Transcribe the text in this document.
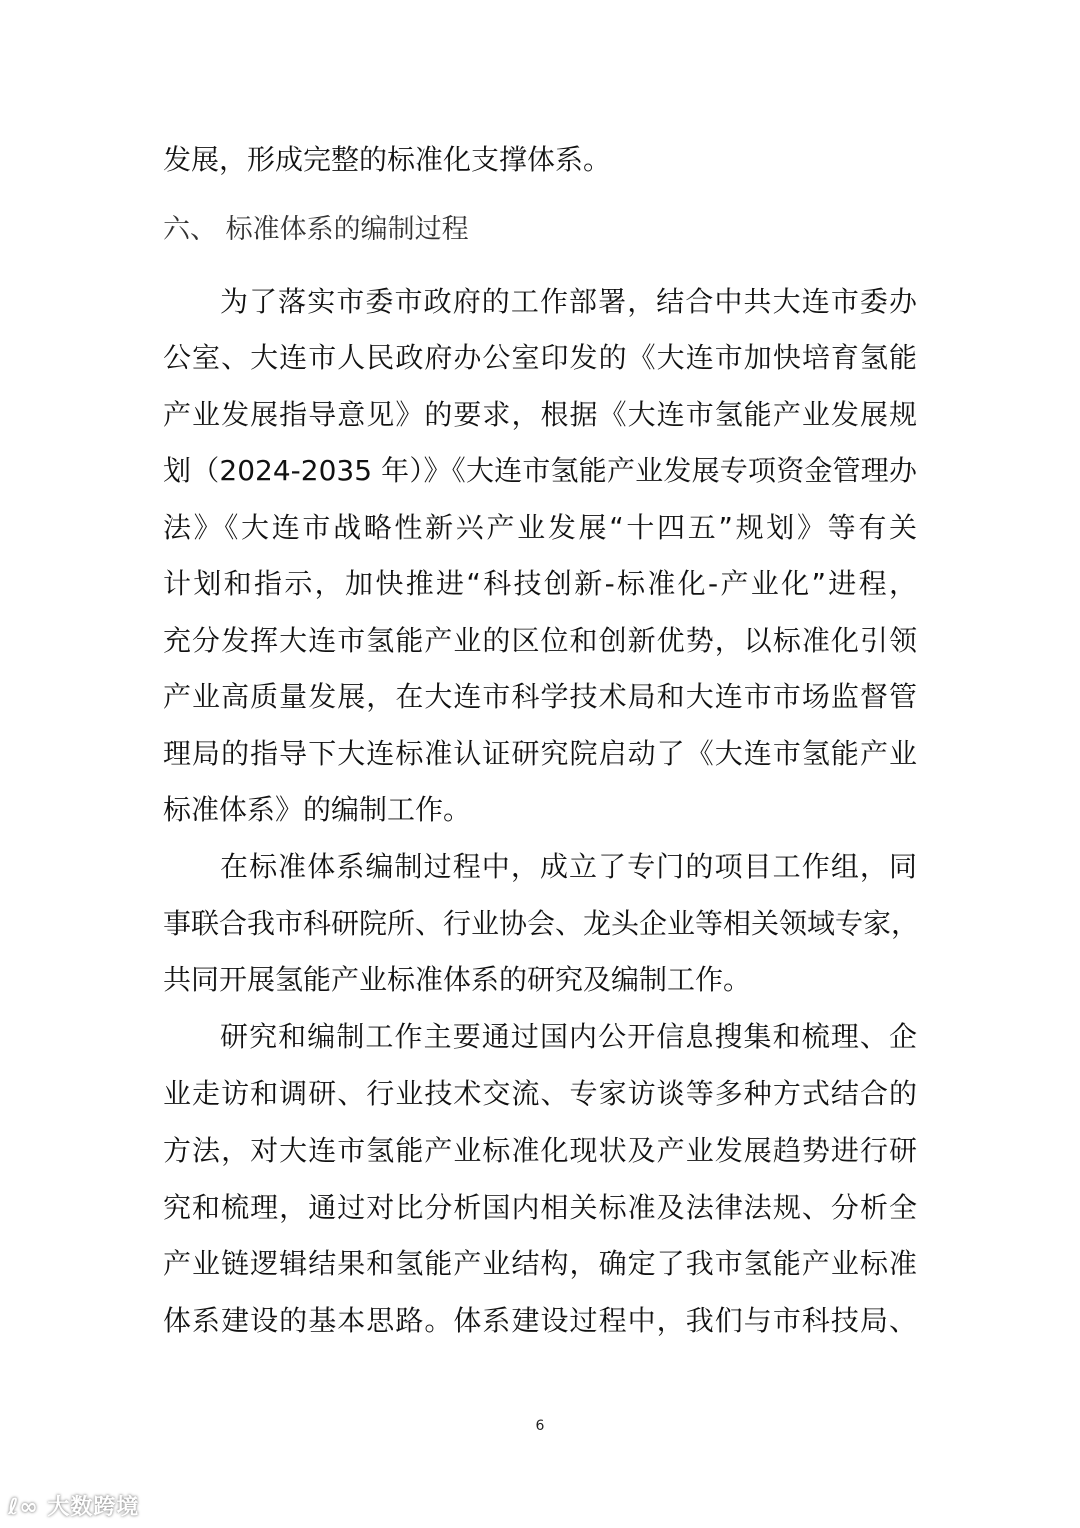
发展，形成完整的标准化支撑体系。
六、 标准体系的编制过程
为了落实市委市政府的工作部署，结合中共大连市委办
公室、大连市人民政府办公室印发的《大连市加快培育氢能
产业发展指导意见》的要求，根据《大连市氢能产业发展规
划（2024-2035 年）》《大连市氢能产业发展专项资金管理办
法》《大连市战略性新兴产业发展“十四五”规划》等有关
计划和指示，加快推进“科技创新-标准化-产业化”进程，
充分发挥大连市氢能产业的区位和创新优势，以标准化引领
产业高质量发展，在大连市科学技术局和大连市市场监督管
理局的指导下大连标准认证研究院启动了《大连市氢能产业
标准体系》的编制工作。
在标准体系编制过程中，成立了专门的项目工作组，同
事联合我市科研院所、行业协会、龙头企业等相关领域专家，
共同开展氢能产业标准体系的研究及编制工作。
研究和编制工作主要通过国内公开信息搜集和梳理、企
业走访和调研、行业技术交流、专家访谈等多种方式结合的
方法，对大连市氢能产业标准化现状及产业发展趋势进行研
究和梳理，通过对比分析国内相关标准及法律法规、分析全
产业链逻辑结果和氢能产业结构，确定了我市氢能产业标准
体系建设的基本思路。体系建设过程中，我们与市科技局、
6
ℓ∞ 大数跨境
